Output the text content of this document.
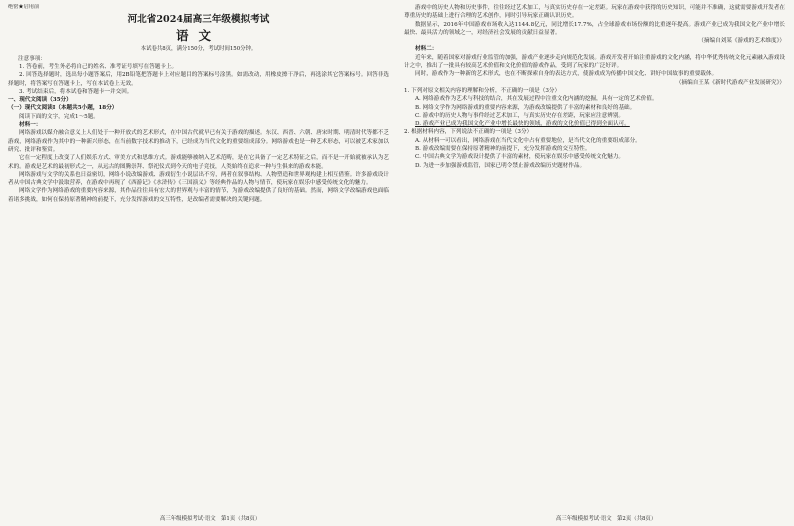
绝密★启用前
河北省2024届高三年级模拟考试
语文
本试卷共8页，满分150分，考试时间150分钟。
注意事项：

1. 答卷前，考生务必将自己的姓名、准考证号填写在答题卡上。

2. 回答选择题时，选出每小题答案后，用2B铅笔把答题卡上对应题目的答案标号涂黑。如需改动，用橡皮擦干净后，再选涂其它答案标号。回答非选择题时，将答案写在答题卡上，写在本试卷上无效。

3. 考试结束后，将本试卷和答题卡一并交回。

一、现代文阅读（35分）

（一）现代文阅读Ⅰ（本题共5小题，18分）

阅读下面的文字，完成1～5题。

材料一：

网络游戏以媒介融合意义上人们处于一种开放式的艺术形式，在中国古代就早已有关于游戏的描述。东汉、西晋、六朝、唐宋时期、明清时代等都不乏游戏，网络游戏作为其中的一种新兴形态，在当前数字技术的推动下，已经成为当代文化的重要组成部分。网络游戏也是一种艺术形态，可以被艺术家加以研究、批评和鉴赏。

它在一定程度上改变了人们娱乐方式、审美方式和思维方式。游戏能够被纳入艺术范畴，是在它具备了一定艺术特征之后，而不是一开始就被承认为艺术的。游戏是艺术的最初形式之一，从远古的图腾崇拜、祭祀仪式到今天的电子竞技，人类始终在追求一种与生俱来的游戏本能。

网络游戏与文学的关系也日益密切，网络小说改编游戏、游戏衍生小说层出不穷，两者在叙事结构、人物塑造和世界观构建上相互借鉴。许多游戏设计者从中国古典文学中汲取营养，在游戏中再现了《西游记》《水浒传》《三国演义》等经典作品的人物与情节，使玩家在娱乐中感受传统文化的魅力。

网络文学作为网络游戏的重要内容来源，其作品往往具有宏大的世界观与丰富的情节，为游戏改编提供了良好的基础。然而，网络文学改编游戏也面临着诸多挑战，如何在保持原著精神的前提下，充分发挥游戏的交互特性，是改编者需要解决的关键问题。

游戏中的历史人物和历史事件，往往经过艺术加工，与真实历史存在一定差距。玩家在游戏中获得的历史知识，可能并不准确，这就需要游戏开发者在尊重历史的基础上进行合理的艺术创作，同时引导玩家正确认识历史。

数据显示，2016年中国游戏市场收入达1144.8亿元，同比增长17.7%，占全球游戏市场份额的比重逐年提高。游戏产业已成为我国文化产业中增长最快、最具活力的领域之一，对经济社会发展的贡献日益显著。

（摘编自刘某《游戏的艺术维度》）

材料二：

近年来，随着国家对游戏行业监管的加强，游戏产业逐步走向规范化发展。游戏开发者开始注重游戏的文化内涵，将中华优秀传统文化元素融入游戏设计之中，推出了一批具有较高艺术价值和文化价值的游戏作品，受到了玩家的广泛好评。

同时，游戏作为一种新的艺术形式，也在不断探索自身的表达方式，使游戏成为传播中国文化、讲好中国故事的重要载体。

（摘编自王某《新时代游戏产业发展研究》）

1. 下列对原文相关内容的理解和分析，不正确的一项是（3分）

A. 网络游戏作为艺术与科技的结合，其在发展过程中注重文化内涵的挖掘，具有一定的艺术价值。

B. 网络文学作为网络游戏的重要内容来源，为游戏改编提供了丰富的素材和良好的基础。

C. 游戏中的历史人物与事件经过艺术加工，与真实历史存在差距，玩家应注意辨别。

D. 游戏产业已成为我国文化产业中增长最快的领域，游戏的文化价值已得到全面认可。

2. 根据材料内容，下列说法不正确的一项是（3分）

A. 从材料一可以看出，网络游戏在当代文化中占有重要地位，是当代文化的重要组成部分。

B. 游戏改编需要在保持原著精神的前提下，充分发挥游戏的交互特性。

C. 中国古典文学为游戏设计提供了丰富的素材，使玩家在娱乐中感受传统文化魅力。

D. 为进一步加强游戏监管，国家已明令禁止游戏改编历史题材作品。

高三年级模拟考试·语文　第1页（共8页）	高三年级模拟考试·语文　第2页（共8页）
